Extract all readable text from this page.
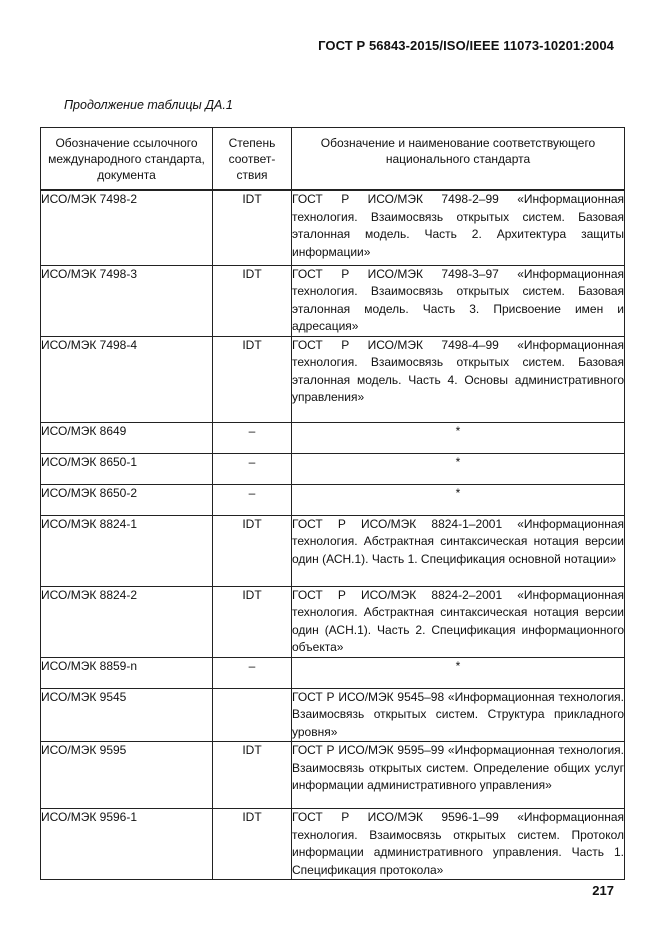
ГОСТ Р 56843-2015/ISO/IEEE 11073-10201:2004
Продолжение таблицы ДА.1
Обозначение ссылочного международного стандарта, документа	Степень соответ-ствия	Обозначение и наименование соответствующего национального стандарта
ИСО/МЭК 7498-2	IDT	ГОСТ Р ИСО/МЭК 7498-2–99 «Информационная технология. Взаимосвязь открытых систем. Базовая эталонная модель. Часть 2. Архитектура защиты информации»
ИСО/МЭК 7498-3	IDT	ГОСТ Р ИСО/МЭК 7498-3–97 «Информационная технология. Взаимосвязь открытых систем. Базовая эталонная модель. Часть 3. Присвоение имен и адресация»
ИСО/МЭК 7498-4	IDT	ГОСТ Р ИСО/МЭК 7498-4–99 «Информационная технология. Взаимосвязь открытых систем. Базовая эталонная модель. Часть 4. Основы административного управления»
ИСО/МЭК 8649	–	*
ИСО/МЭК 8650-1	–	*
ИСО/МЭК 8650-2	–	*
ИСО/МЭК 8824-1	IDT	ГОСТ Р ИСО/МЭК 8824-1–2001 «Информационная технология. Абстрактная синтаксическая нотация версии один (АСН.1). Часть 1. Спецификация основной нотации»
ИСО/МЭК 8824-2	IDT	ГОСТ Р ИСО/МЭК 8824-2–2001 «Информационная технология. Абстрактная синтаксическая нотация версии один (АСН.1). Часть 2. Спецификация информационного объекта»
ИСО/МЭК 8859-n	–	*
ИСО/МЭК 9545		ГОСТ Р ИСО/МЭК 9545–98 «Информационная технология. Взаимосвязь открытых систем. Структура прикладного уровня»
ИСО/МЭК 9595	IDT	ГОСТ Р ИСО/МЭК 9595–99 «Информационная технология. Взаимосвязь открытых систем. Определение общих услуг информации административного управления»
ИСО/МЭК 9596-1	IDT	ГОСТ Р ИСО/МЭК 9596-1–99 «Информационная технология. Взаимосвязь открытых систем. Протокол информации административного управления. Часть 1. Спецификация протокола»
217
